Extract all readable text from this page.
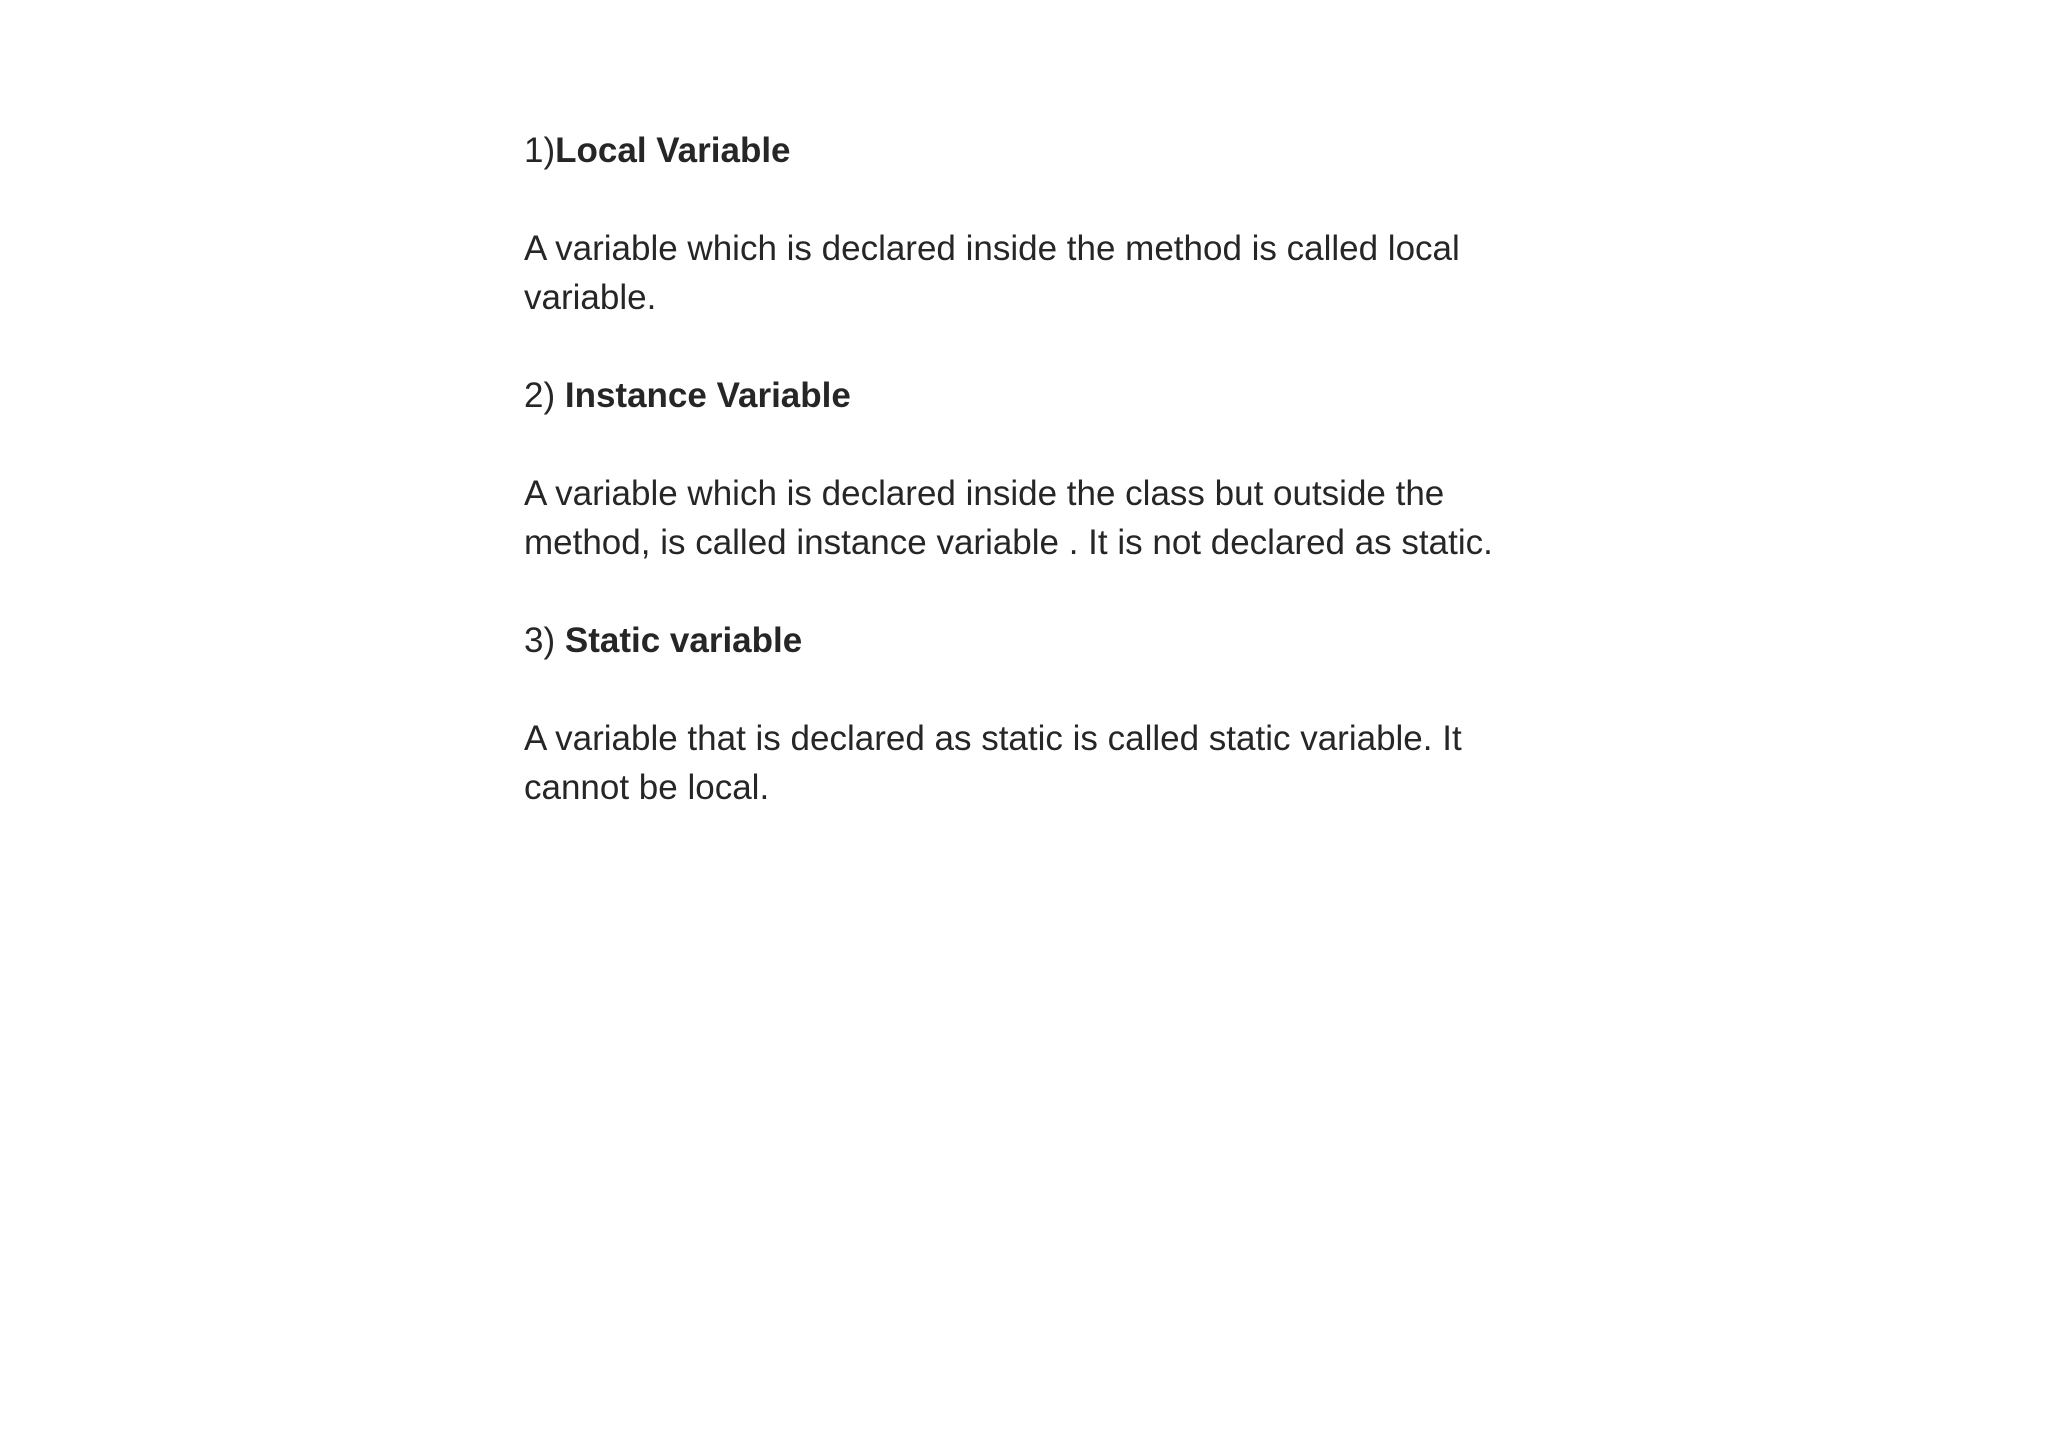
1)Local Variable

A variable which is declared inside the method is called local variable.

2) Instance Variable

A variable which is declared inside the class but outside the method, is called instance variable . It is not declared as static.

3) Static variable

A variable that is declared as static is called static variable. It cannot be local.
